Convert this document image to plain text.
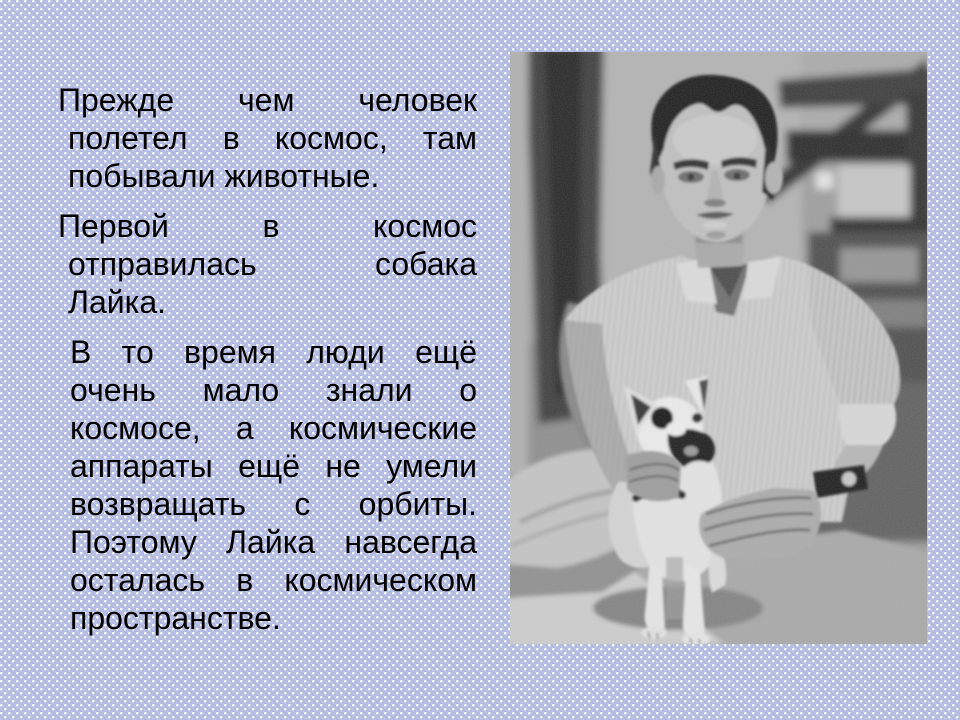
Прежде чем человек
полетел в космос, там
побывали животные.
Первой в космос
отправилась собака
Лайка.
В то время люди ещё
очень мало знали о
космосе, а космические
аппараты ещё не умели
возвращать с орбиты.
Поэтому Лайка навсегда
осталась в космическом
пространстве.
